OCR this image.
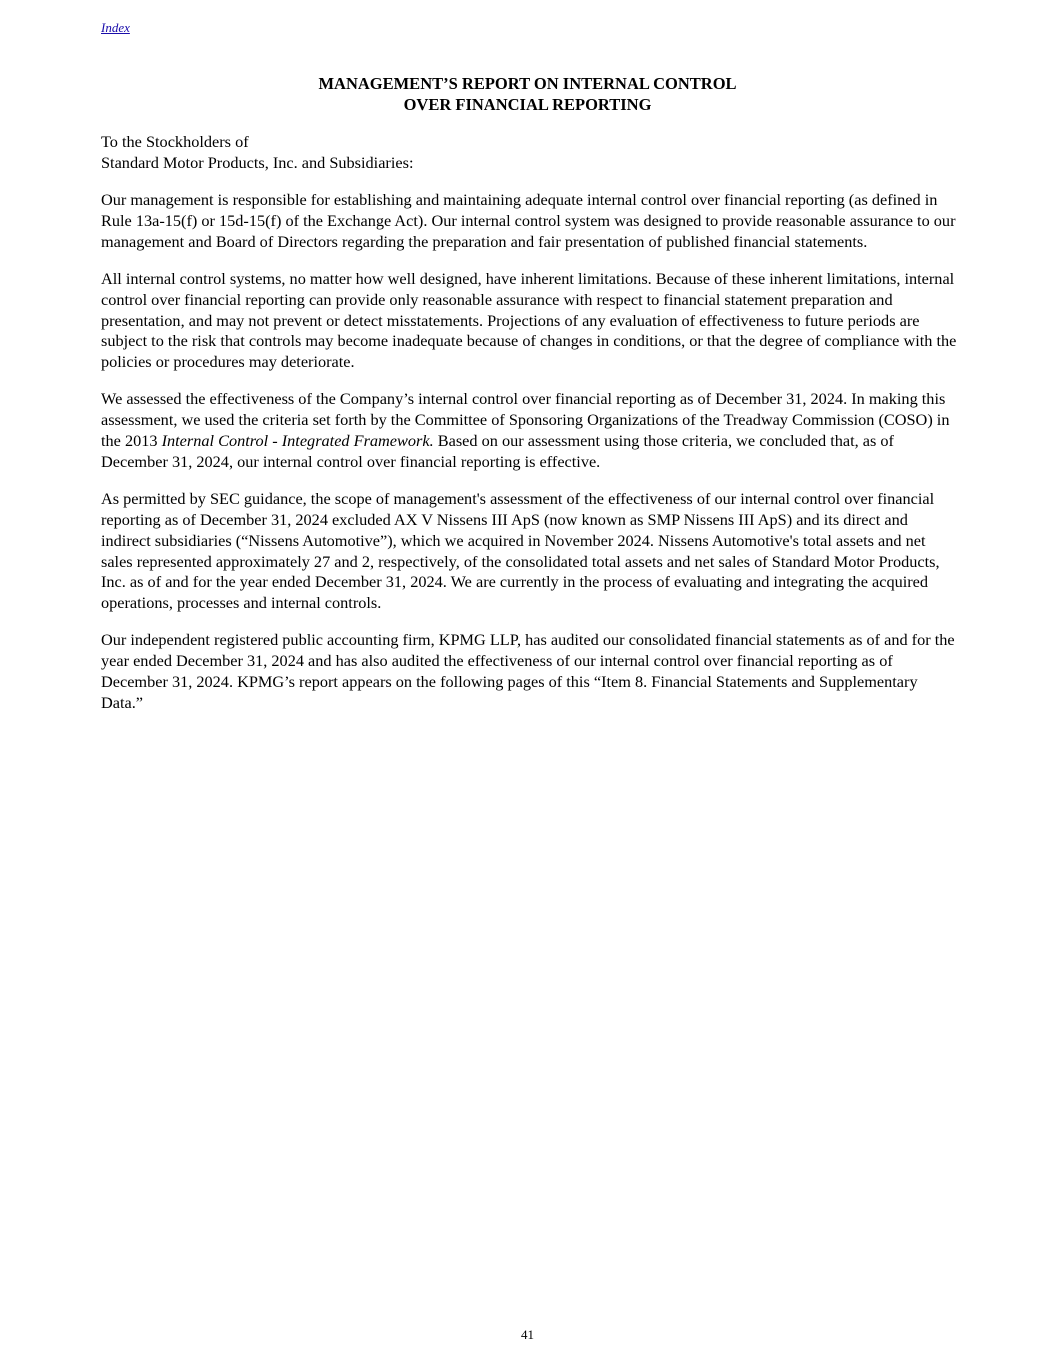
Index
MANAGEMENT’S REPORT ON INTERNAL CONTROL
OVER FINANCIAL REPORTING

To the Stockholders of
Standard Motor Products, Inc. and Subsidiaries:

Our management is responsible for establishing and maintaining adequate internal control over financial reporting (as defined in Rule 13a-15(f) or 15d-15(f) of the Exchange Act). Our internal control system was designed to provide reasonable assurance to our management and Board of Directors regarding the preparation and fair presentation of published financial statements.

All internal control systems, no matter how well designed, have inherent limitations. Because of these inherent limitations, internal control over financial reporting can provide only reasonable assurance with respect to financial statement preparation and presentation, and may not prevent or detect misstatements. Projections of any evaluation of effectiveness to future periods are subject to the risk that controls may become inadequate because of changes in conditions, or that the degree of compliance with the policies or procedures may deteriorate.

We assessed the effectiveness of the Company’s internal control over financial reporting as of December 31, 2024. In making this assessment, we used the criteria set forth by the Committee of Sponsoring Organizations of the Treadway Commission (COSO) in the 2013 Internal Control - Integrated Framework. Based on our assessment using those criteria, we concluded that, as of December 31, 2024, our internal control over financial reporting is effective.

As permitted by SEC guidance, the scope of management's assessment of the effectiveness of our internal control over financial reporting as of December 31, 2024 excluded AX V Nissens III ApS (now known as SMP Nissens III ApS) and its direct and indirect subsidiaries (“Nissens Automotive”), which we acquired in November 2024. Nissens Automotive's total assets and net sales represented approximately 27 and 2, respectively, of the consolidated total assets and net sales of Standard Motor Products, Inc. as of and for the year ended December 31, 2024. We are currently in the process of evaluating and integrating the acquired operations, processes and internal controls.

Our independent registered public accounting firm, KPMG LLP, has audited our consolidated financial statements as of and for the year ended December 31, 2024 and has also audited the effectiveness of our internal control over financial reporting as of December 31, 2024. KPMG’s report appears on the following pages of this “Item 8. Financial Statements and Supplementary Data.”

41
